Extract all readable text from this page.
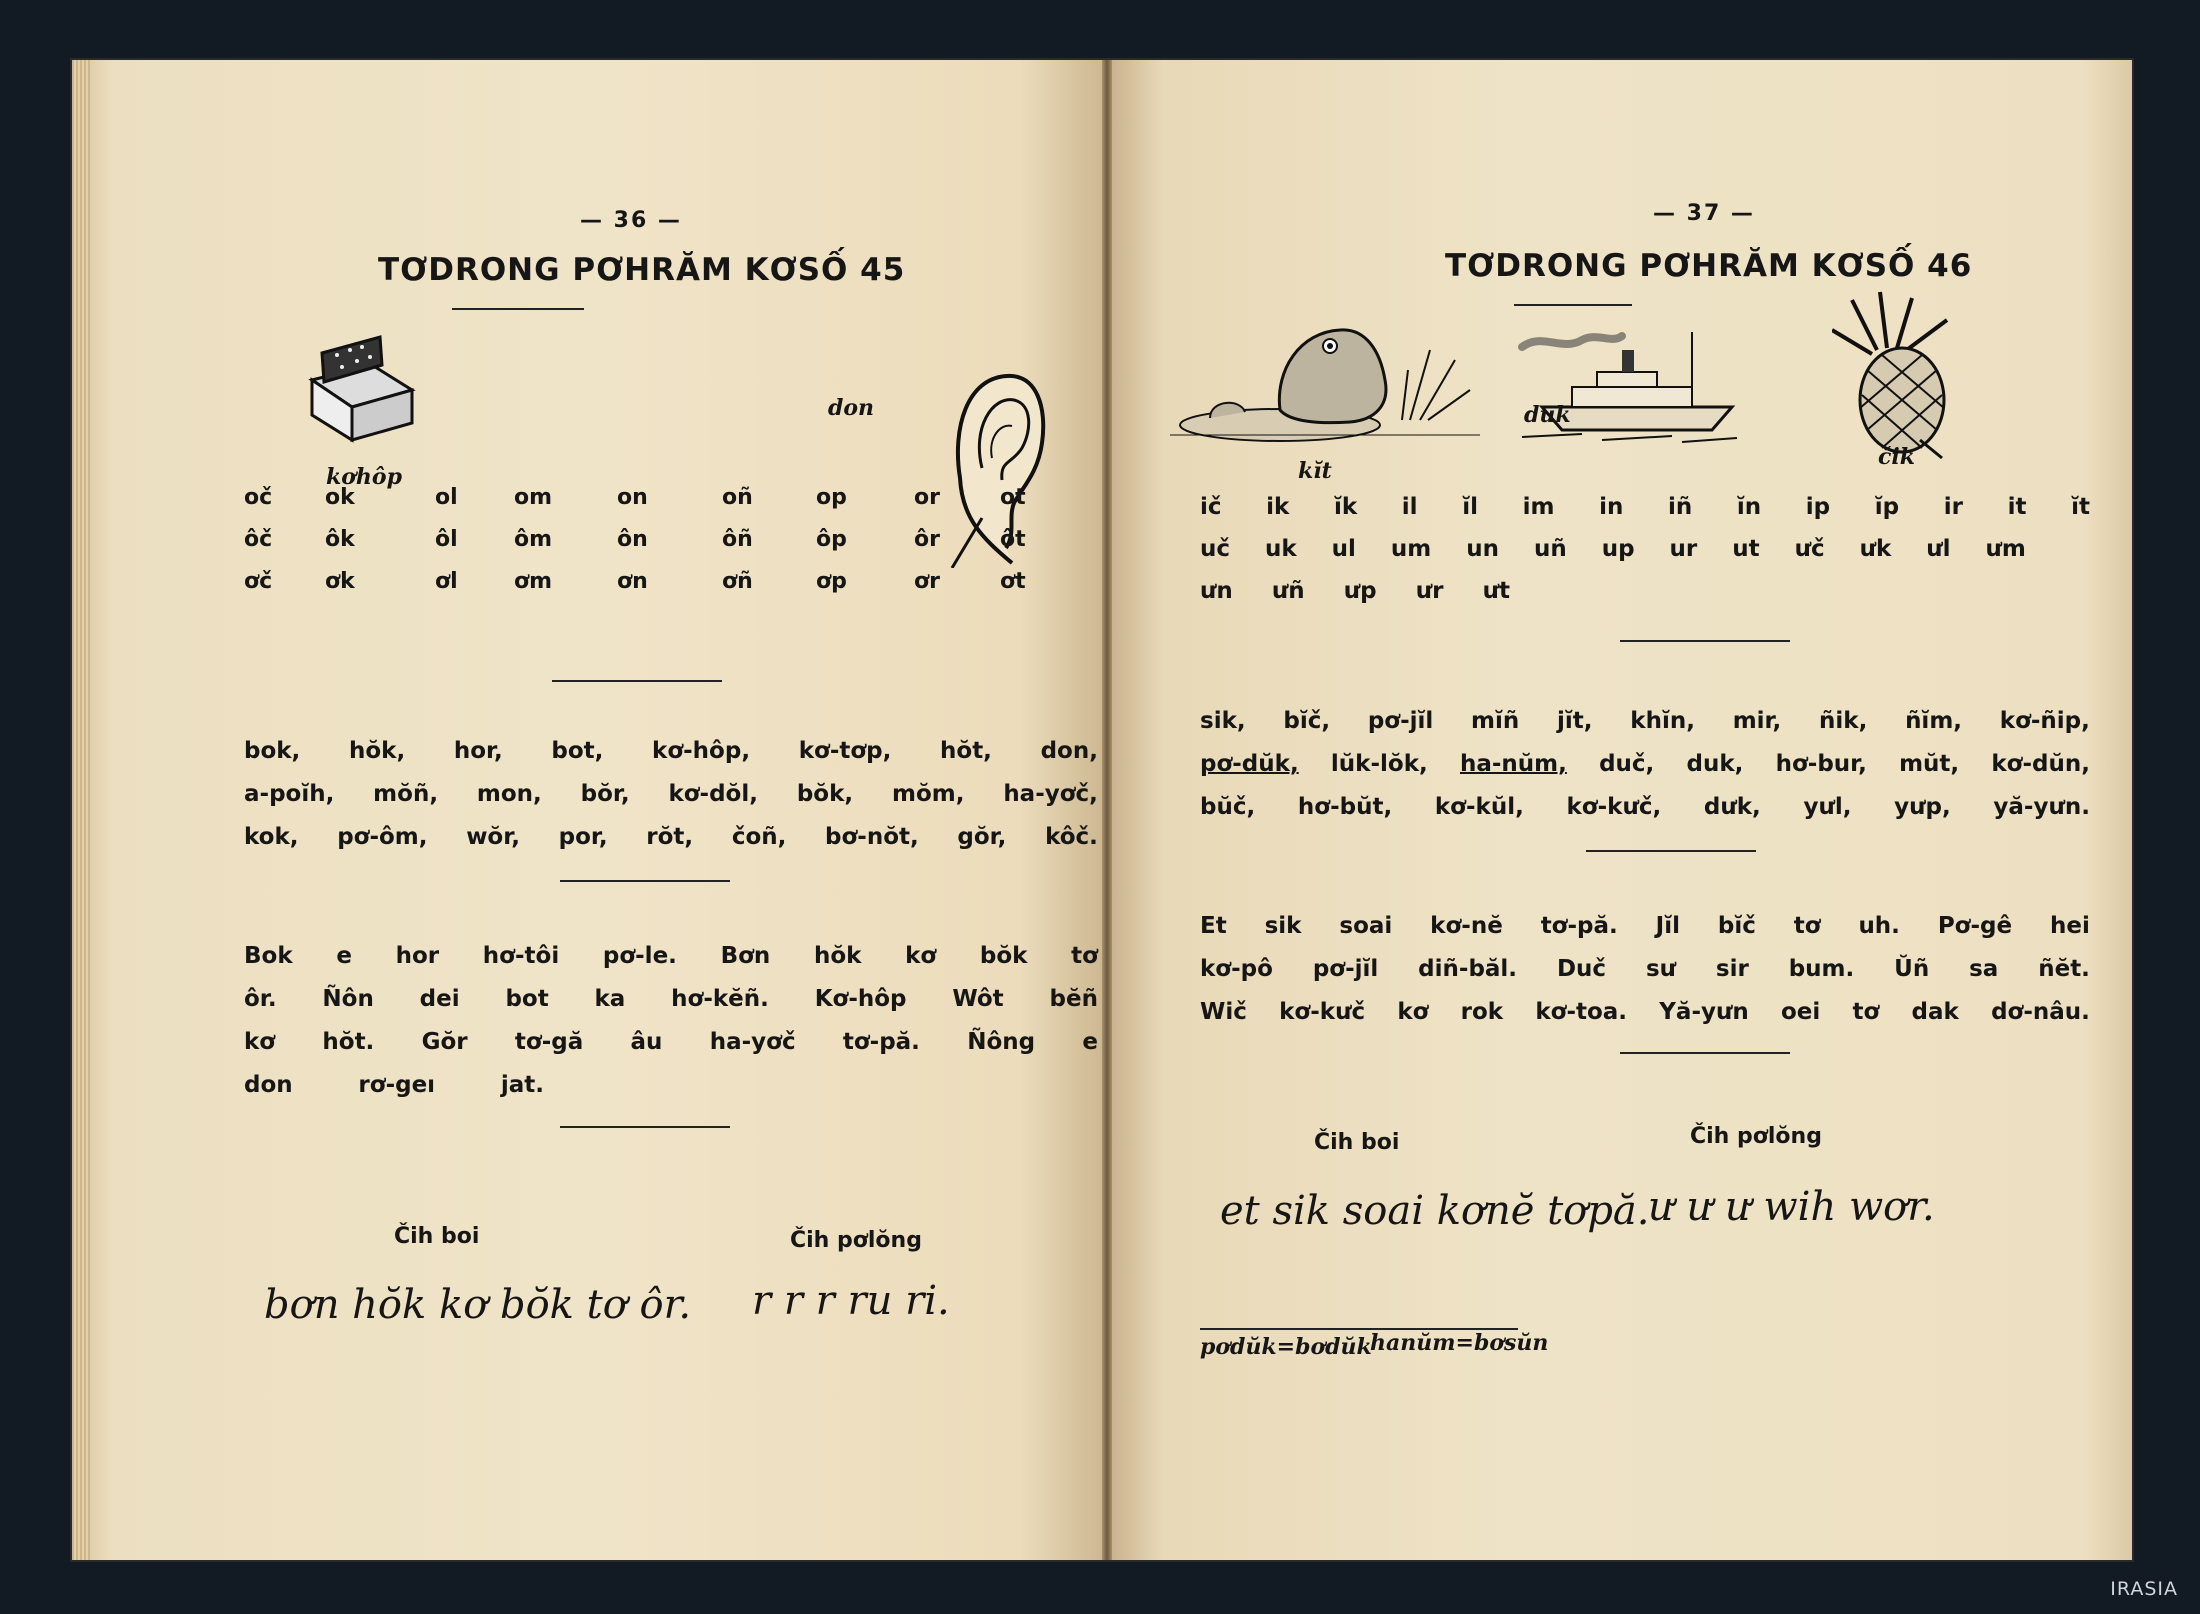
— 36 —
TƠDRONG PƠHRĂM KƠSỐ 45
kơhôp
don
oč ok	ol	om	on	oñ	op	or	ot
ôč ôk	ôl	ôm	ôn	ôñ	ôp	ôr	ôt
ơč ơk	ơl	ơm	ơn	ơñ	ơp	ơr	ơt
bok, hŏk, hor, bot, kơ-hôp, kơ-tơp, hŏt, don,
a-poĭh, mŏñ, mon, bŏr, kơ-dŏl, bŏk, mŏm, ha-yơč,
kok, pơ-ôm, wŏr, por, rŏt, čoñ, bơ-nŏt, gŏr, kôč.
Bok e hor hơ-tôi pơ-le. Bơn hŏk kơ bŏk tơ
ôr. Ñôn dei bot ka hơ-kĕñ. Kơ-hôp Wôt bĕñ
kơ hŏt. Gŏr tơ-gă âu ha-yơč tơ-pă. Ñông e
don	rơ-geı	jat.
Čih boi	Čih pơlŏng
bơn hŏk kơ bŏk tơ ôr. r r r ru ri.
— 37 —
TƠDRONG PƠHRĂM KƠSỐ 46
kĭt
duk
čik
ič ik ĭk il ĭl im in iñ ĭn ip ĭp ir it ĭt
uč uk ul um un uñ up ur ut ưč ưk ưl ưm
ưn ưñ ưp ưr ưt
sik, bĭč, pơ-jĭl mĭñ jĭt, khĭn, mir, ñik, ñĭm, kơ-ñip,
pơ-dŭk, lŭk-lŏk, ha-nŭm, duč, duk, hơ-bur, mŭt, kơ-dŭn,
bŭč, hơ-bŭt, kơ-kŭl, kơ-kưč, dưk, yưl, yưp, yă-yưn.
Et sik soai kơ-nĕ tơ-pă. Jĭl bĭč tơ uh. Pơ-gê hei
kơ-pô pơ-jĭl diñ-băl. Duč sư sir bum. Ŭñ sa ñĕt.
Wič kơ-kưč kơ rok kơ-toa. Yă-yưn oei tơ dak dơ-nâu.
Čih boi	Čih pơlŏng
et sik soai kơnĕ tơpă.
ư ư ư wih wơr.
pơdŭk=bơdŭk
hanŭm=bơsŭn
IRASIA
